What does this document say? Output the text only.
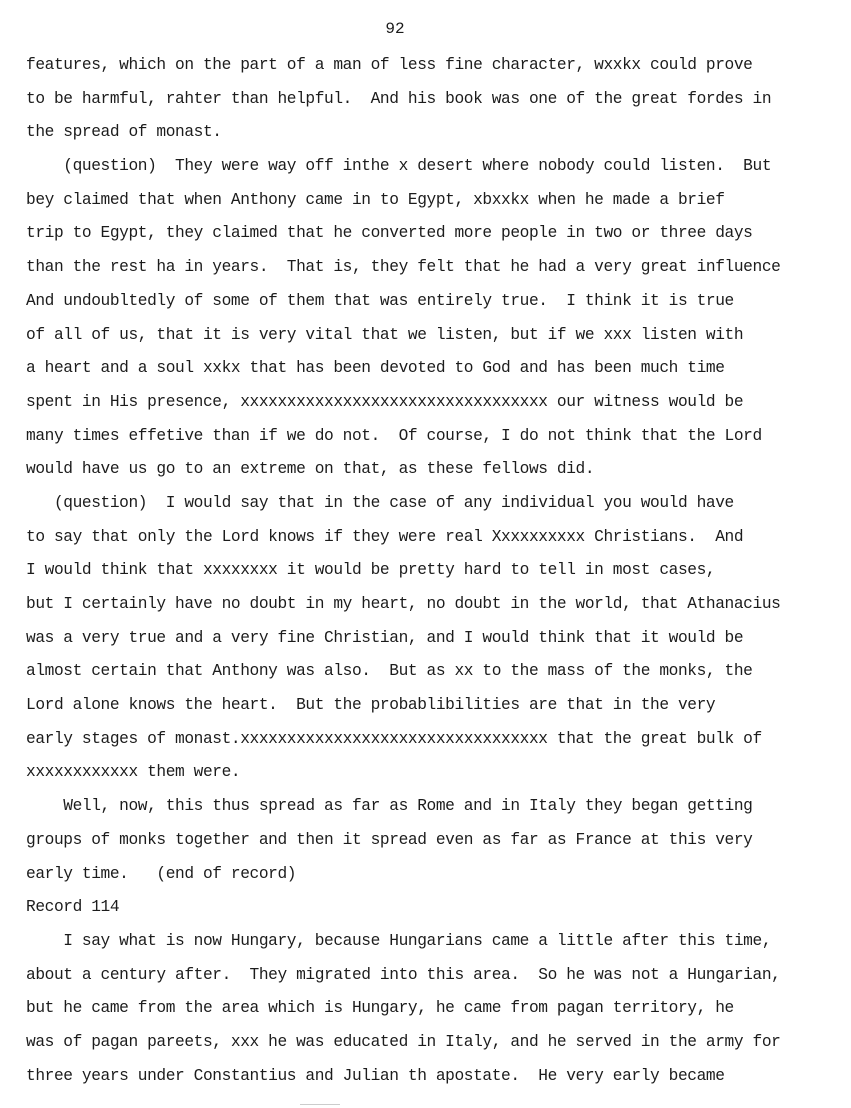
92
features, which on the part of a man of less fine character, wxxkx could prove
to be harmful, rahter than helpful.  And his book was one of the great fordes in
the spread of monast.
(question)  They were way off inthe x desert where nobody could listen.  But
bey claimed that when Anthony came in to Egypt, xbxxkx when he made a brief
trip to Egypt, they claimed that he converted more people in two or three days
than the rest ha in years.  That is, they felt that he had a very great influence
And undoubltedly of some of them that was entirely true.  I think it is true
of all of us, that it is very vital that we listen, but if we xxx listen with
a heart and a soul xxkx that has been devoted to God and has been much time
spent in His presence, xxxxxxxxxxxxxxxxxxxxxxxxxxxxxxxxx our witness would be
many times effetive than if we do not.  Of course, I do not think that the Lord
would have us go to an extreme on that, as these fellows did.
(question)  I would say that in the case of any individual you would have
to say that only the Lord knows if they were real Xxxxxxxxxx Christians.  And
I would think that xxxxxxxx it would be pretty hard to tell in most cases,
but I certainly have no doubt in my heart, no doubt in the world, that Athanacius
was a very true and a very fine Christian, and I would think that it would be
almost certain that Anthony was also.  But as xx to the mass of the monks, the
Lord alone knows the heart.  But the probablibilities are that in the very
early stages of monast.xxxxxxxxxxxxxxxxxxxxxxxxxxxxxxxxx that the great bulk of
xxxxxxxxxxxx them were.
Well, now, this thus spread as far as Rome and in Italy they began getting
groups of monks together and then it spread even as far as France at this very
early time.   (end of record)
Record 114
I say what is now Hungary, because Hungarians came a little after this time,
about a century after.  They migrated into this area.  So he was not a Hungarian,
but he came from the area which is Hungary, he came from pagan territory, he
was of pagan pareets, xxx he was educated in Italy, and he served in the army for
three years under Constantius and Julian th apostate.  He very early became
